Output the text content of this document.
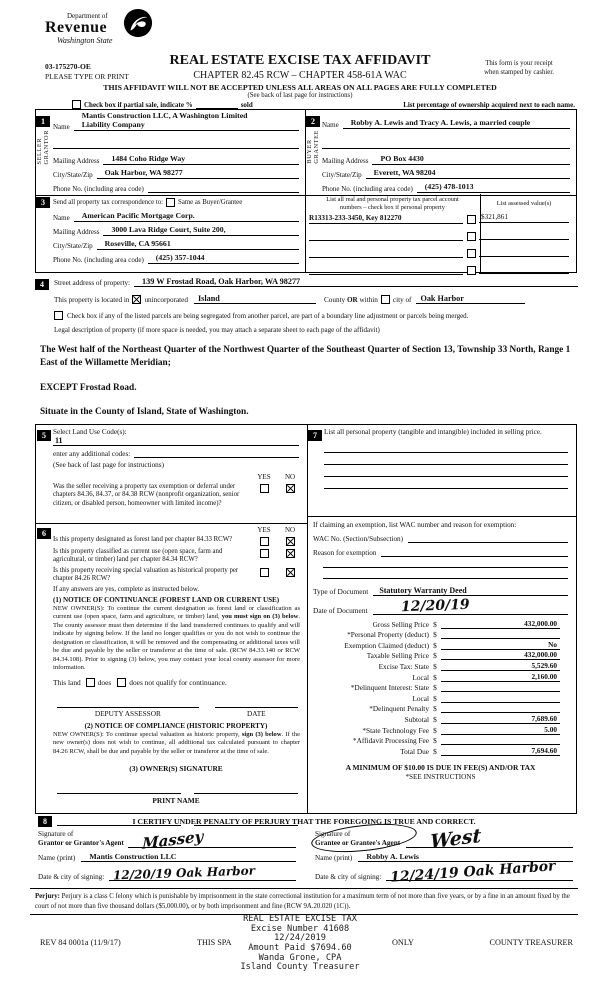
Department of
Revenue
Washington State
03-175270-OE
PLEASE TYPE OR PRINT
REAL ESTATE EXCISE TAX AFFIDAVIT
CHAPTER 82.45 RCW – CHAPTER 458-61A WAC
This form is your receipt
when stamped by cashier.
THIS AFFIDAVIT WILL NOT BE ACCEPTED UNLESS ALL AREAS ON ALL PAGES ARE FULLY COMPLETED
(See back of last page for instructions)
Check box if partial sale, indicate %	sold	List percentage of ownership acquired next to each name.
1
SELLER GRANTOR
Name
Mantis Construction LLC, A Washington Limited
Liability Company
Mailing Address	1484 Coho Ridge Way
City/State/Zip	Oak Harbor, WA 98277
Phone No. (including area code)
2
BUYER GRANTEE
Name	Robby A. Lewis and Tracy A. Lewis, a married couple
Mailing Address	PO Box 4430
City/State/Zip	Everett, WA 98204
Phone No. (including area code)	(425) 478-1013
3	Send all property tax correspondence to: Same as Buyer/Grantee
Name	American Pacific Mortgage Corp.
Mailing Address	3000 Lava Ridge Court, Suite 200,
City/State/Zip	Roseville, CA 95661
Phone No. (including area code)	(425) 357-1044
List all real and personal property tax parcel account
numbers – check box if personal property
R13313-233-3450, Key 812270
List assessed value(s)
$321,861
4	Street address of property:	139 W Frostad Road, Oak Harbor, WA 98277
This property is located in unincorporated	Island	County
OR
within city of	Oak Harbor
Check box if any of the listed parcels are being segregated from another parcel, are part of a boundary line adjustment or parcels being merged.
Legal description of property (if more space is needed, you may attach a separate sheet to each page of the affidavit)
The West half of the Northeast Quarter of the Northwest Quarter of the Southeast Quarter of Section 13, Township 33 North, Range 1 East of the Willamette Meridian;
EXCEPT Frostad Road.
Situate in the County of Island, State of Washington.
5 Select Land Use Code(s):
11
enter any additional codes:
(See back of last page for instructions)
YES	NO
Was the seller receiving a property tax exemption or deferral under chapters 84.36, 84.37, or 84.38 RCW (nonprofit organization, senior citizen, or disabled person, homeowner with limited income)?
6	YES	NO
Is this property designated as forest land per chapter 84.33 RCW?
Is this property classified as current use (open space, farm and agricultural, or timber) land per chapter 84.34 RCW?
Is this property receiving special valuation as historical property per chapter 84.26 RCW?
If any answers are yes, complete as instructed below.
(1) NOTICE OF CONTINUANCE (FOREST LAND OR CURRENT USE)
NEW OWNER(S): To continue the current designation as forest land or classification as current use (open space, farm and agriculture, or timber) land, you must sign on (3) below. The county assessor must then determine if the land transferred continues to qualify and will indicate by signing below. If the land no longer qualifies or you do not wish to continue the designation or classification, it will be removed and the compensating or additional taxes will be due and payable by the seller or transferor at the time of sale. (RCW 84.33.140 or RCW 84.34.108). Prior to signing (3) below, you may contact your local county assessor for more information.
This land does does not qualify for continuance.
DEPUTY ASSESSOR	DATE
(2) NOTICE OF COMPLIANCE (HISTORIC PROPERTY)
NEW OWNER(S): To continue special valuation as historic property, sign (3) below. If the new owner(s) does not wish to continue, all additional tax calculated pursuant to chapter 84.26 RCW, shall be due and payable by the seller or transferor at the time of sale.
(3) OWNER(S) SIGNATURE
PRINT NAME
7 List all personal property (tangible and intangible) included in selling price.
If claiming an exemption, list WAC number and reason for exemption:
WAC No. (Section/Subsection)
Reason for exemption
Type of Document	Statutory Warranty Deed
Date of Document	12/20/19
Gross Selling Price $	432,000.00
*Personal Property (deduct) $
Exemption Claimed (deduct) $	No
Taxable Selling Price $	432,000.00
Excise Tax: State $	5,529.60
Local $	2,160.00
*Delinquent Interest: State $
Local $
*Delinquent Penalty $
Subtotal $	7,689.60
*State Technology Fee $	5.00
*Affidavit Processing Fee $
Total Due $	7,694.60
A MINIMUM OF $10.00 IS DUE IN FEE(S) AND/OR TAX
*SEE INSTRUCTIONS
8	I CERTIFY UNDER PENALTY OF PERJURY THAT THE FOREGOING IS TRUE AND CORRECT.
Signature of
Grantor or Grantor's Agent Massey
Name (print)	Mantis Construction LLC
Date & city of signing: 12/20/19 Oak Harbor
Signature of
Grantee or Grantee's Agent West
Name (print)	Robby A. Lewis
Date & city of signing: 12/24/19 Oak Harbor
Perjury: Perjury is a class C felony which is punishable by imprisonment in the state correctional institution for a maximum term of not more than five years, or by a fine in an amount fixed by the court of not more than five thousand dollars ($5,000.00), or by both imprisonment and fine (RCW 9A.20.020 (1C)).
REAL ESTATE EXCISE TAX
Excise Number 41608
12/24/2019
Amount Paid $7694.60
Wanda Grone, CPA
Island County Treasurer
REV 84 0001a (11/9/17)	THIS SPA	ONLY	COUNTY TREASURER
